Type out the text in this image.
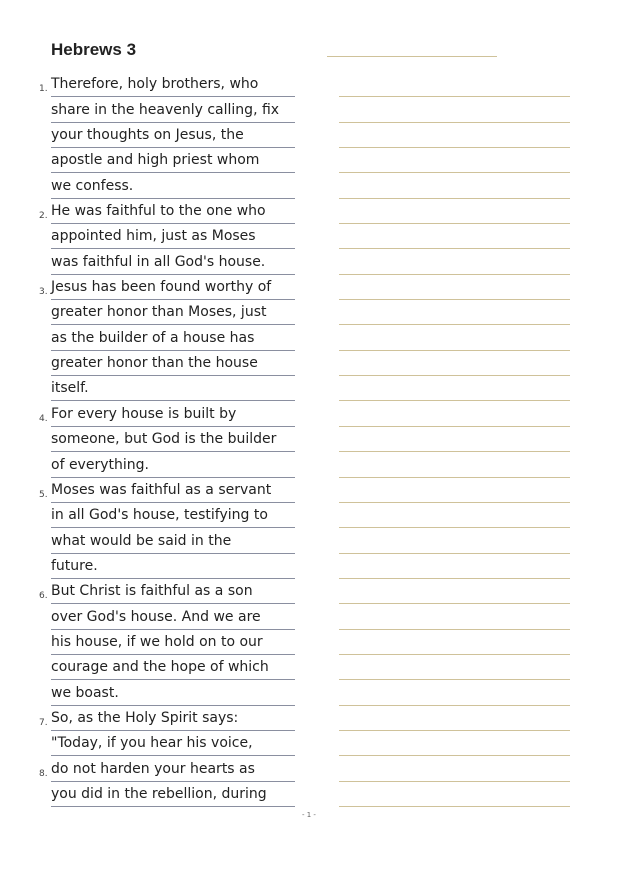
Hebrews 3
1. Therefore, holy brothers, who
share in the heavenly calling, fix
your thoughts on Jesus, the
apostle and high priest whom
we confess.
2. He was faithful to the one who
appointed him, just as Moses
was faithful in all God's house.
3. Jesus has been found worthy of
greater honor than Moses, just
as the builder of a house has
greater honor than the house
itself.
4. For every house is built by
someone, but God is the builder
of everything.
5. Moses was faithful as a servant
in all God's house, testifying to
what would be said in the
future.
6. But Christ is faithful as a son
over God's house. And we are
his house, if we hold on to our
courage and the hope of which
we boast.
7. So, as the Holy Spirit says:
"Today, if you hear his voice,
8. do not harden your hearts as
you did in the rebellion, during
- 1 -
